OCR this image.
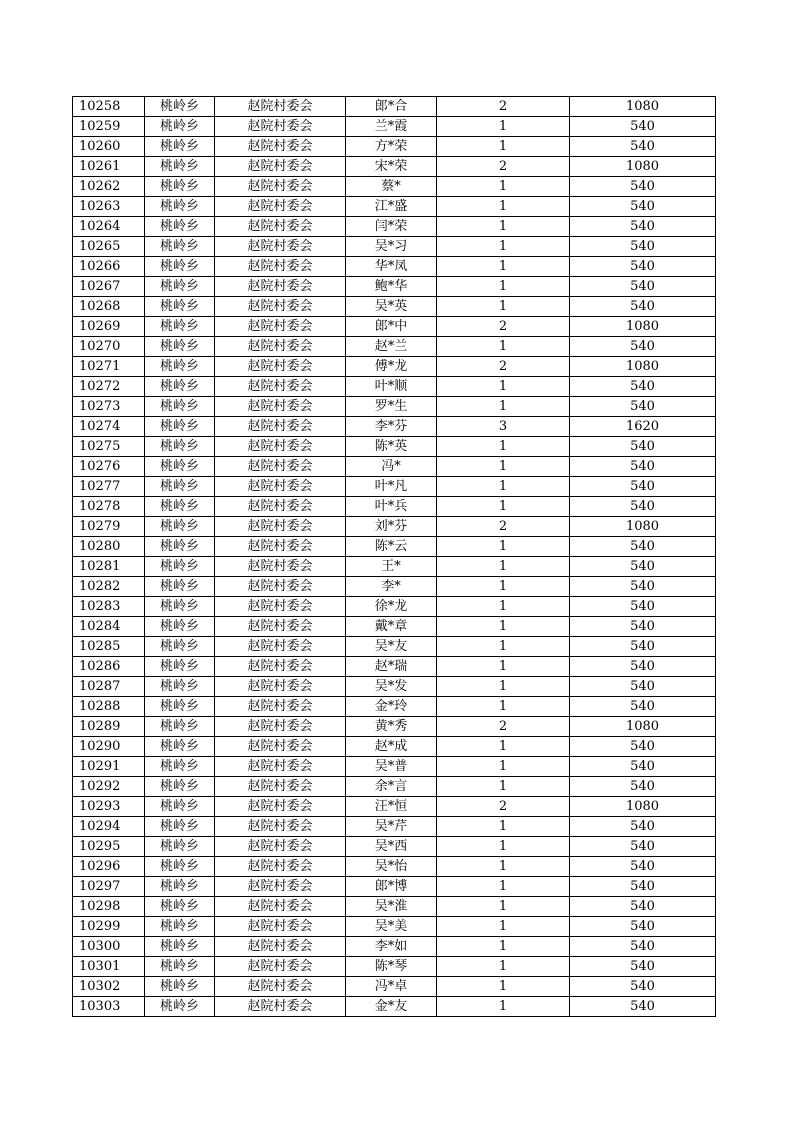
10258	桃岭乡	赵院村委会	郎*合	2	1080
10259	桃岭乡	赵院村委会	兰*霞	1	540
10260	桃岭乡	赵院村委会	方*荣	1	540
10261	桃岭乡	赵院村委会	宋*荣	2	1080
10262	桃岭乡	赵院村委会	蔡*	1	540
10263	桃岭乡	赵院村委会	江*盛	1	540
10264	桃岭乡	赵院村委会	闫*荣	1	540
10265	桃岭乡	赵院村委会	吴*习	1	540
10266	桃岭乡	赵院村委会	华*凤	1	540
10267	桃岭乡	赵院村委会	鲍*华	1	540
10268	桃岭乡	赵院村委会	吴*英	1	540
10269	桃岭乡	赵院村委会	郎*中	2	1080
10270	桃岭乡	赵院村委会	赵*兰	1	540
10271	桃岭乡	赵院村委会	傅*龙	2	1080
10272	桃岭乡	赵院村委会	叶*顺	1	540
10273	桃岭乡	赵院村委会	罗*生	1	540
10274	桃岭乡	赵院村委会	李*芬	3	1620
10275	桃岭乡	赵院村委会	陈*英	1	540
10276	桃岭乡	赵院村委会	冯*	1	540
10277	桃岭乡	赵院村委会	叶*凡	1	540
10278	桃岭乡	赵院村委会	叶*兵	1	540
10279	桃岭乡	赵院村委会	刘*芬	2	1080
10280	桃岭乡	赵院村委会	陈*云	1	540
10281	桃岭乡	赵院村委会	王*	1	540
10282	桃岭乡	赵院村委会	李*	1	540
10283	桃岭乡	赵院村委会	徐*龙	1	540
10284	桃岭乡	赵院村委会	戴*章	1	540
10285	桃岭乡	赵院村委会	吴*友	1	540
10286	桃岭乡	赵院村委会	赵*瑞	1	540
10287	桃岭乡	赵院村委会	吴*发	1	540
10288	桃岭乡	赵院村委会	金*玲	1	540
10289	桃岭乡	赵院村委会	黄*秀	2	1080
10290	桃岭乡	赵院村委会	赵*成	1	540
10291	桃岭乡	赵院村委会	吴*普	1	540
10292	桃岭乡	赵院村委会	余*言	1	540
10293	桃岭乡	赵院村委会	汪*恒	2	1080
10294	桃岭乡	赵院村委会	吴*芹	1	540
10295	桃岭乡	赵院村委会	吴*西	1	540
10296	桃岭乡	赵院村委会	吴*怡	1	540
10297	桃岭乡	赵院村委会	郎*博	1	540
10298	桃岭乡	赵院村委会	吴*淮	1	540
10299	桃岭乡	赵院村委会	吴*美	1	540
10300	桃岭乡	赵院村委会	李*如	1	540
10301	桃岭乡	赵院村委会	陈*琴	1	540
10302	桃岭乡	赵院村委会	冯*卓	1	540
10303	桃岭乡	赵院村委会	金*友	1	540
